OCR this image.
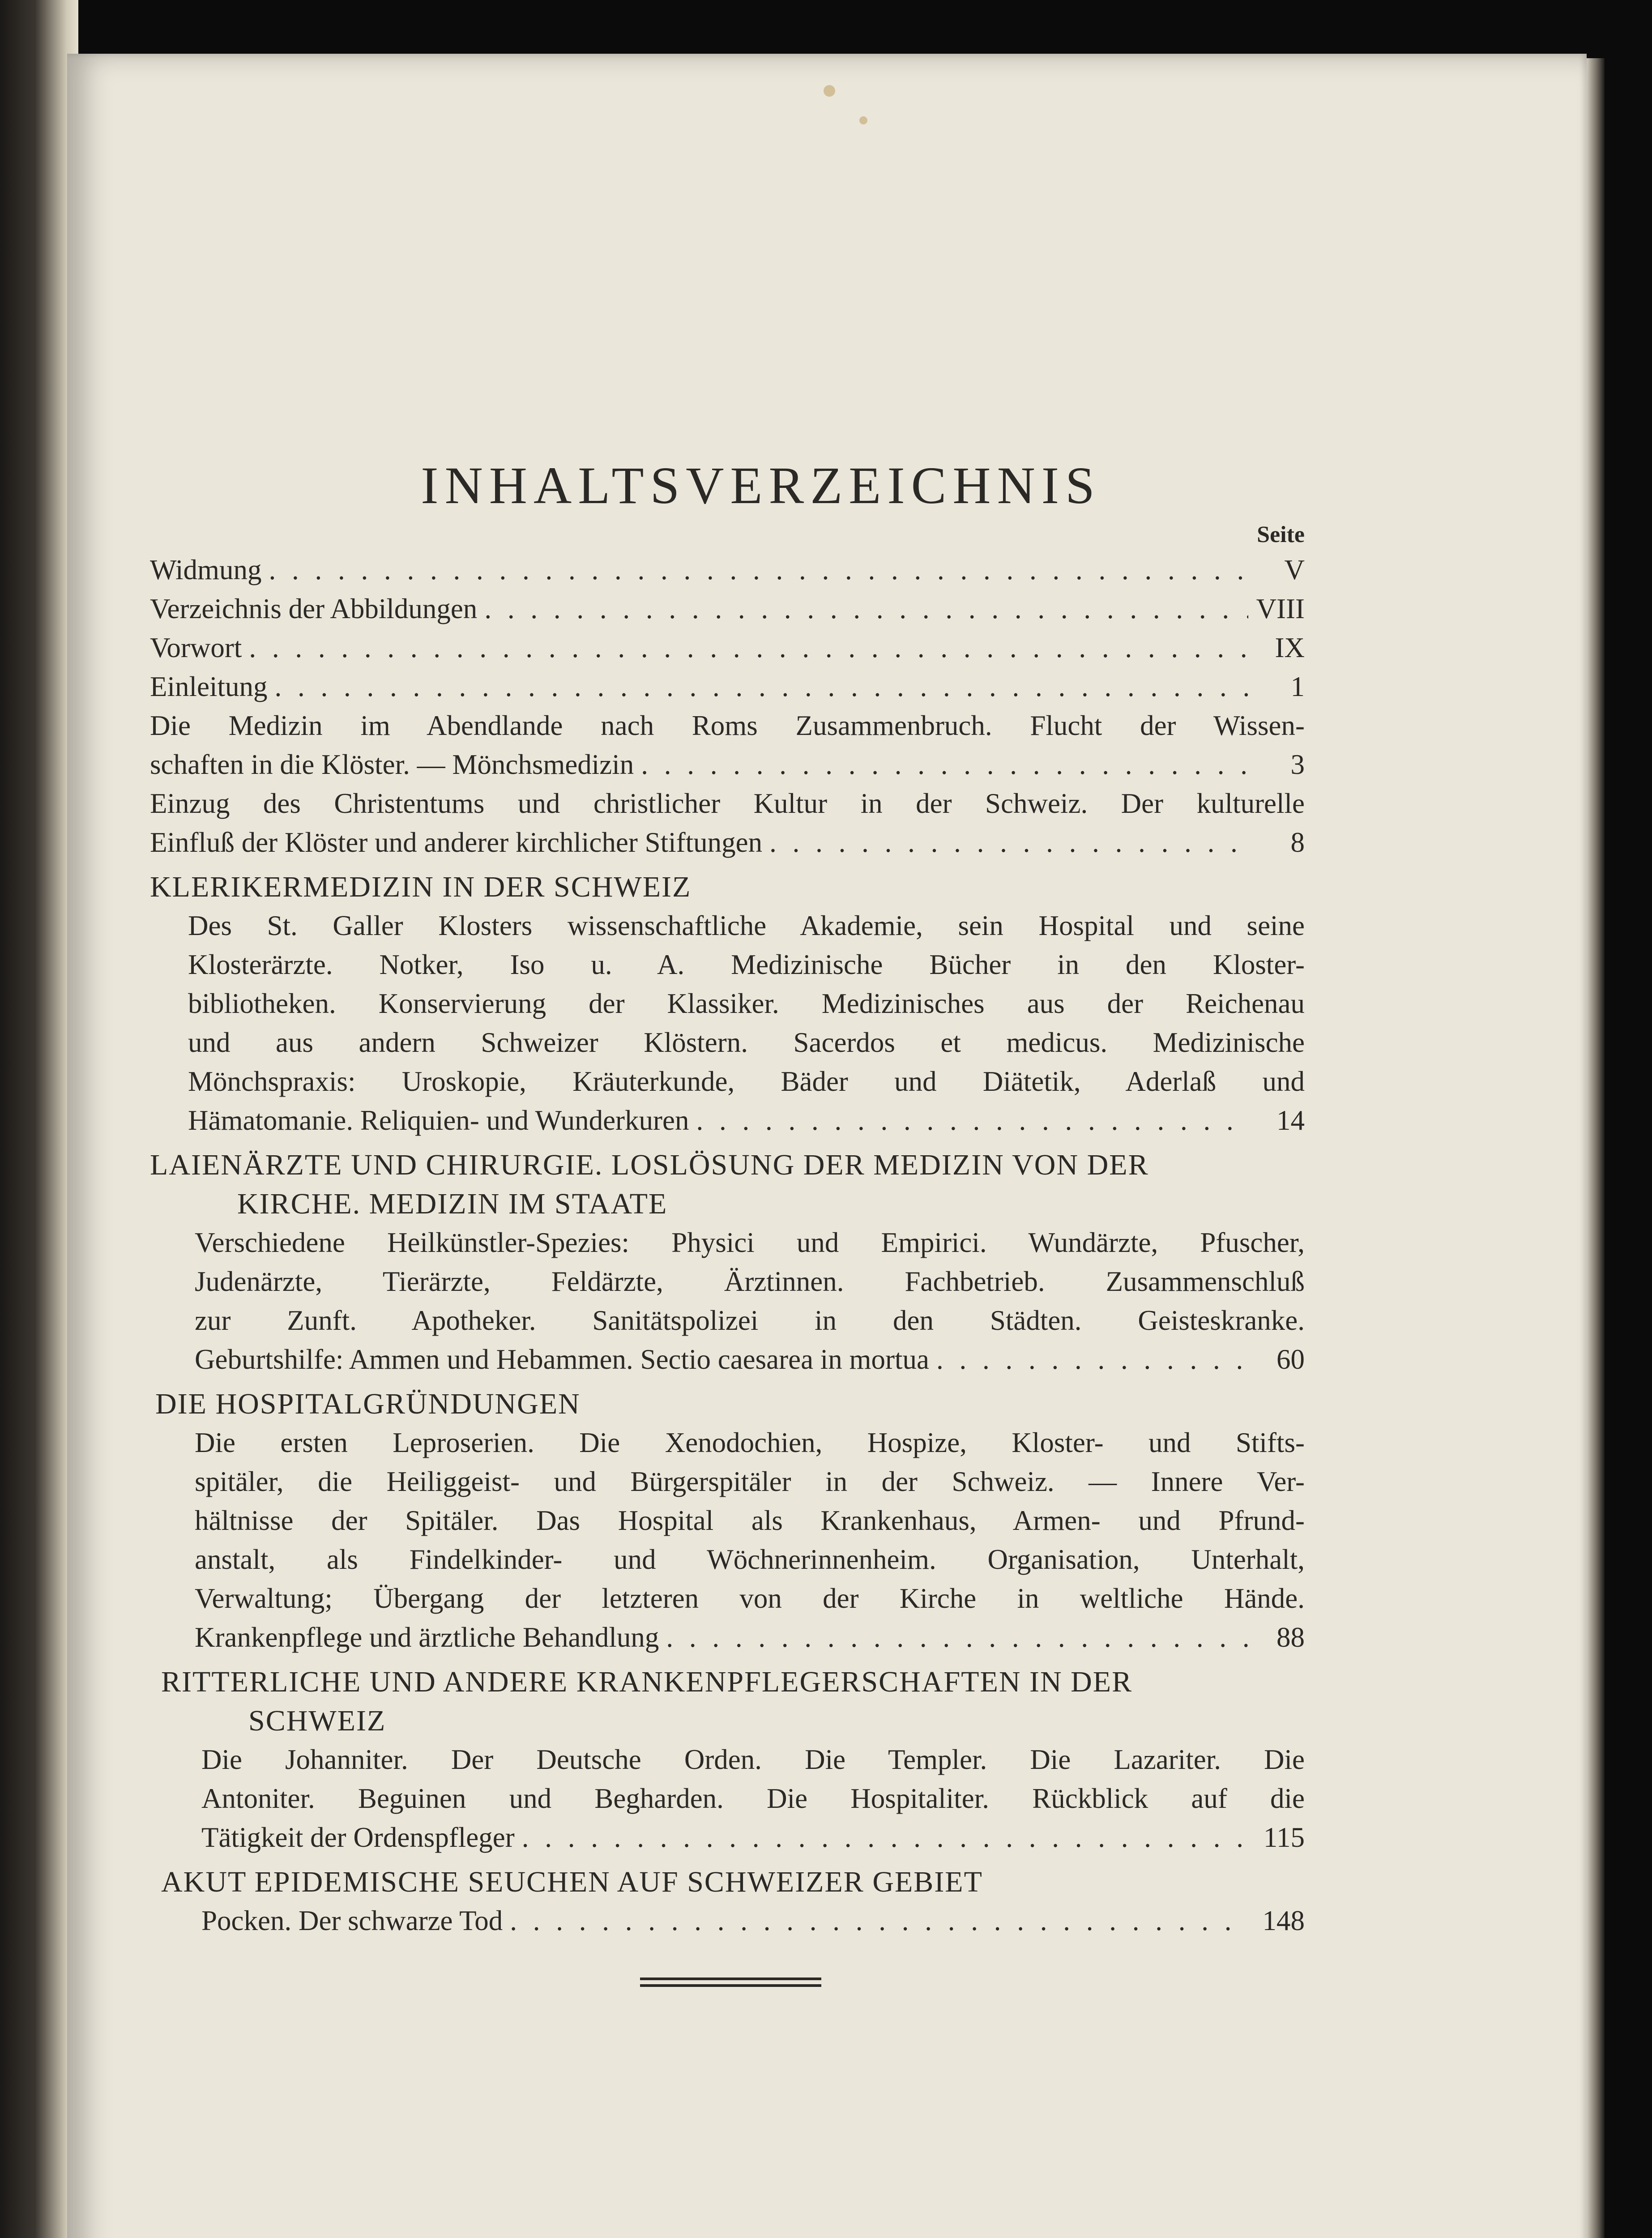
INHALTSVERZEICHNIS
Seite
Widmung . . .	V
Verzeichnis der Abbildungen . . .	VIII
Vorwort . . .	IX
Einleitung . . .	1
Die Medizin im Abendlande nach Roms Zusammenbruch. Flucht der Wissen-
schaften in die Klöster. — Mönchsmedizin . . .	3
Einzug des Christentums und christlicher Kultur in der Schweiz. Der kulturelle
Einfluß der Klöster und anderer kirchlicher Stiftungen . . .	8
KLERIKERMEDIZIN IN DER SCHWEIZ
Des St. Galler Klosters wissenschaftliche Akademie, sein Hospital und seine
Klosterärzte. Notker, Iso u. A. Medizinische Bücher in den Kloster-
bibliotheken. Konservierung der Klassiker. Medizinisches aus der Reichenau
und aus andern Schweizer Klöstern. Sacerdos et medicus. Medizinische
Mönchspraxis: Uroskopie, Kräuterkunde, Bäder und Diätetik, Aderlaß und
Hämatomanie. Reliquien- und Wunderkuren . . .	14
LAIENÄRZTE UND CHIRURGIE. LOSLÖSUNG DER MEDIZIN VON DER
KIRCHE. MEDIZIN IM STAATE
Verschiedene Heilkünstler-Spezies: Physici und Empirici. Wundärzte, Pfuscher,
Judenärzte, Tierärzte, Feldärzte, Ärztinnen. Fachbetrieb. Zusammenschluß
zur Zunft. Apotheker. Sanitätspolizei in den Städten. Geisteskranke.
Geburtshilfe: Ammen und Hebammen. Sectio caesarea in mortua . . .	60
DIE HOSPITALGRÜNDUNGEN
Die ersten Leproserien. Die Xenodochien, Hospize, Kloster- und Stifts-
spitäler, die Heiliggeist- und Bürgerspitäler in der Schweiz. — Innere Ver-
hältnisse der Spitäler. Das Hospital als Krankenhaus, Armen- und Pfrund-
anstalt, als Findelkinder- und Wöchnerinnenheim. Organisation, Unterhalt,
Verwaltung; Übergang der letzteren von der Kirche in weltliche Hände.
Krankenpflege und ärztliche Behandlung . . .	88
RITTERLICHE UND ANDERE KRANKENPFLEGERSCHAFTEN IN DER
SCHWEIZ
Die Johanniter. Der Deutsche Orden. Die Templer. Die Lazariter. Die
Antoniter. Beguinen und Begharden. Die Hospitaliter. Rückblick auf die
Tätigkeit der Ordenspfleger . . .	115
AKUT EPIDEMISCHE SEUCHEN AUF SCHWEIZER GEBIET
Pocken. Der schwarze Tod . . .	148
